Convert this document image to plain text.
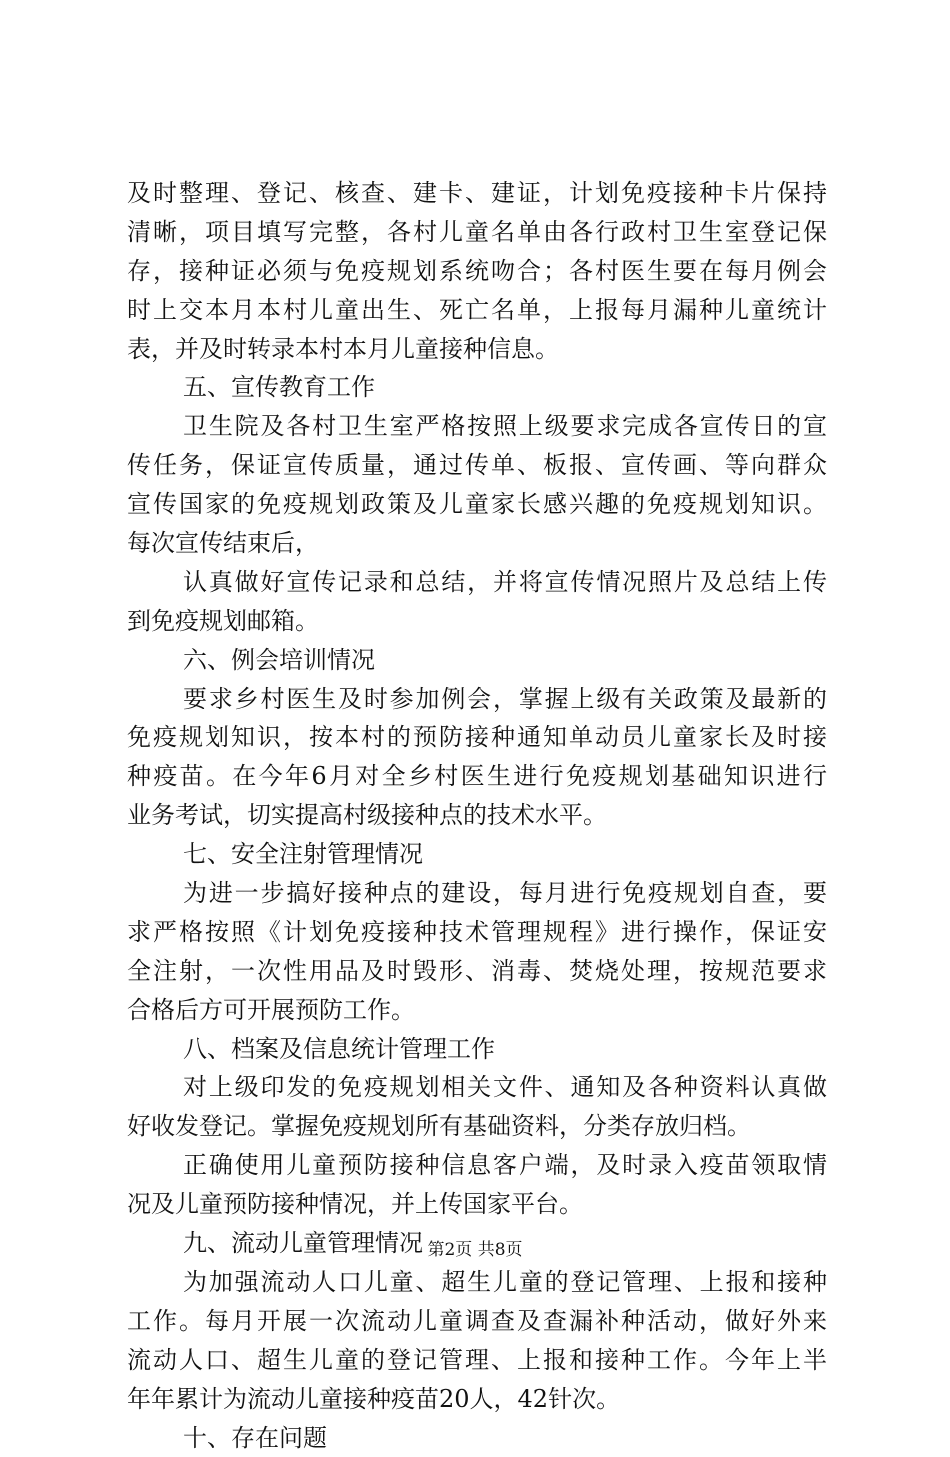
及时整理、登记、核查、建卡、建证，计划免疫接种卡片保持
清晰，项目填写完整，各村儿童名单由各行政村卫生室登记保
存，接种证必须与免疫规划系统吻合；各村医生要在每月例会
时上交本月本村儿童出生、死亡名单，上报每月漏种儿童统计
表，并及时转录本村本月儿童接种信息。
五、宣传教育工作
卫生院及各村卫生室严格按照上级要求完成各宣传日的宣
传任务，保证宣传质量，通过传单、板报、宣传画、等向群众
宣传国家的免疫规划政策及儿童家长感兴趣的免疫规划知识。
每次宣传结束后，
认真做好宣传记录和总结，并将宣传情况照片及总结上传
到免疫规划邮箱。
六、例会培训情况
要求乡村医生及时参加例会，掌握上级有关政策及最新的
免疫规划知识，按本村的预防接种通知单动员儿童家长及时接
种疫苗。在今年6月对全乡村医生进行免疫规划基础知识进行
业务考试，切实提高村级接种点的技术水平。
七、安全注射管理情况
为进一步搞好接种点的建设，每月进行免疫规划自查，要
求严格按照《计划免疫接种技术管理规程》进行操作，保证安
全注射，一次性用品及时毁形、消毒、焚烧处理，按规范要求
合格后方可开展预防工作。
八、档案及信息统计管理工作
对上级印发的免疫规划相关文件、通知及各种资料认真做
好收发登记。掌握免疫规划所有基础资料，分类存放归档。
正确使用儿童预防接种信息客户端，及时录入疫苗领取情
况及儿童预防接种情况，并上传国家平台。
九、流动儿童管理情况
为加强流动人口儿童、超生儿童的登记管理、上报和接种
工作。每月开展一次流动儿童调查及查漏补种活动，做好外来
流动人口、超生儿童的登记管理、上报和接种工作。今年上半
年年累计为流动儿童接种疫苗20人，42针次。
十、存在问题
第2页 共8页
